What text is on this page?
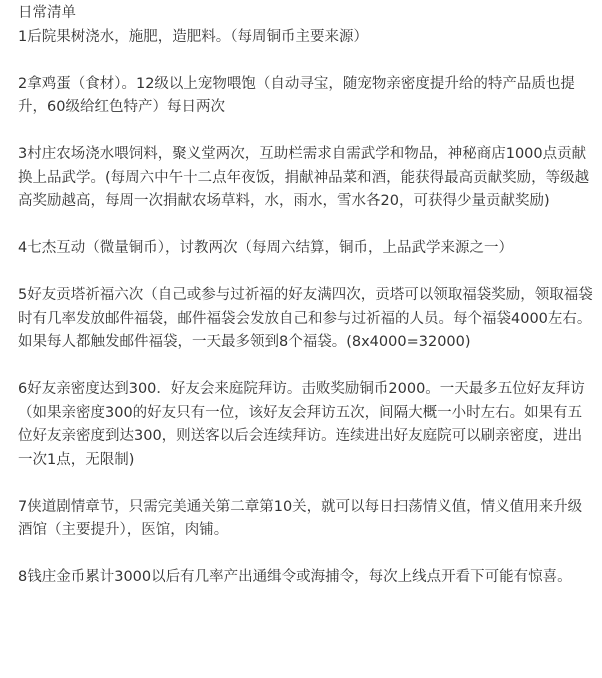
日常清单

1后院果树浇水，施肥，造肥料。（每周铜币主要来源）

2拿鸡蛋（食材）。12级以上宠物喂饱（自动寻宝，随宠物亲密度提升给的特产品质也提升，60级给红色特产）每日两次

3村庄农场浇水喂饲料，聚义堂两次，互助栏需求自需武学和物品，神秘商店1000点贡献换上品武学。(每周六中午十二点年夜饭，捐献神品菜和酒，能获得最高贡献奖励，等级越高奖励越高，每周一次捐献农场草料，水，雨水，雪水各20，可获得少量贡献奖励)

4七杰互动（微量铜币），讨教两次（每周六结算，铜币，上品武学来源之一）

5好友贡塔祈福六次（自己或参与过祈福的好友满四次，贡塔可以领取福袋奖励，领取福袋时有几率发放邮件福袋，邮件福袋会发放自己和参与过祈福的人员。每个福袋4000左右。如果每人都触发邮件福袋，一天最多领到8个福袋。(8x4000=32000)

6好友亲密度达到300．好友会来庭院拜访。击败奖励铜币2000。一天最多五位好友拜访（如果亲密度300的好友只有一位，该好友会拜访五次，间隔大概一小时左右。如果有五位好友亲密度到达300，则送客以后会连续拜访。连续进出好友庭院可以刷亲密度，进出一次1点，无限制)

7侠道剧情章节，只需完美通关第二章第10关，就可以每日扫荡情义值，情义值用来升级酒馆（主要提升），医馆，肉铺。

8钱庄金币累计3000以后有几率产出通缉令或海捕令，每次上线点开看下可能有惊喜。
